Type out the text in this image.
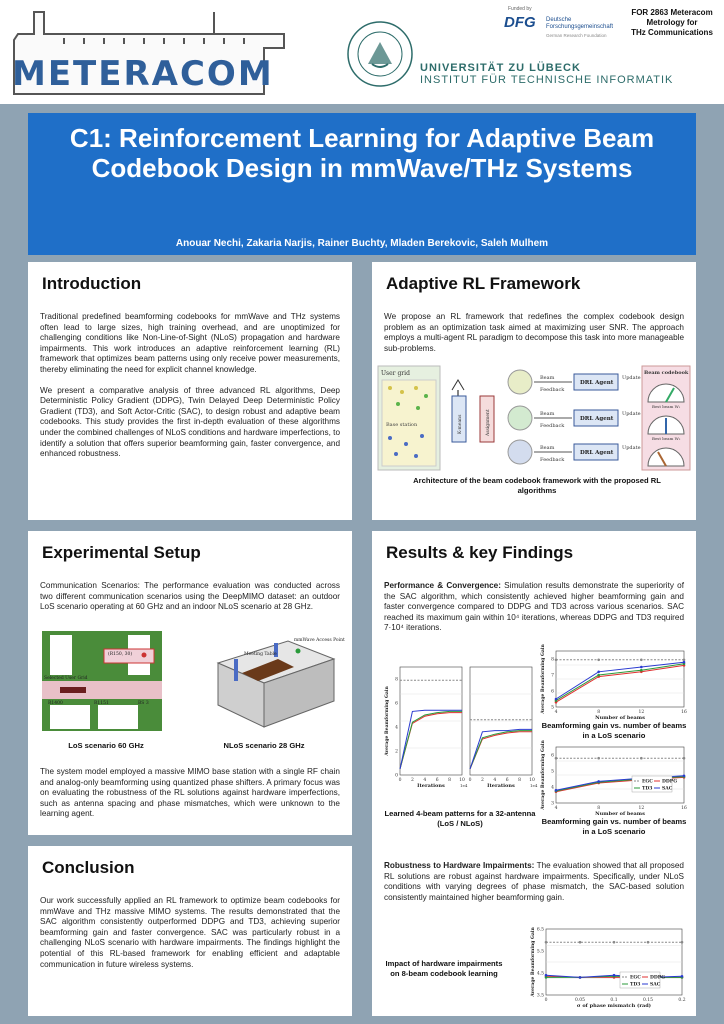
METERACOM	UNIVERSITÄT ZU LÜBECK
INSTITUT FÜR TECHNISCHE INFORMATIK
Funded by
DFG Deutsche
Forschungsgemeinschaft
German Research Foundation
FOR 2863 Meteracom
Metrology for
THz Communications
C1: Reinforcement Learning for Adaptive Beam Codebook Design in mmWave/THz Systems
Anouar Nechi, Zakaria Narjis, Rainer Buchty, Mladen Berekovic, Saleh Mulhem
Introduction
Traditional predefined beamforming codebooks for mmWave and THz systems often lead to large sizes, high training overhead, and are unoptimized for challenging conditions like Non-Line-of-Sight (NLoS) propagation and hardware impairments. This work introduces an adaptive reinforcement learning (RL) framework that optimizes beam patterns using only receive power measurements, thereby eliminating the need for explicit channel knowledge.
We present a comparative analysis of three advanced RL algorithms, Deep Deterministic Policy Gradient (DDPG), Twin Delayed Deep Deterministic Policy Gradient (TD3), and Soft Actor-Critic (SAC), to design robust and adaptive beam codebooks. This study provides the first in-depth evaluation of these algorithms under the combined challenges of NLoS conditions and hardware imperfections, to identify a solution that offers superior beamforming gain, faster convergence, and enhanced robustness.
Adaptive RL Framework
We propose an RL framework that redefines the complex codebook design problem as an optimization task aimed at maximizing user SNR. The approach employs a multi-agent RL paradigm to decompose this task into more manageable sub-problems.
User grid
Base station	K-means	Assignment
Beam
Feedback
Beam
Feedback
Beam
Feedback
DRL Agent
DRL Agent
DRL Agent
Update
Update
Update
Beam codebook
Best beam W₁
Best beam W₂
Architecture of the beam codebook framework with the proposed RL algorithms
Experimental Setup
Communication Scenarios: The performance evaluation was conducted across two different communication scenarios using the DeepMIMO dataset: an outdoor LoS scenario operating at 60 GHz and an indoor NLoS scenario at 28 GHz.
(R150, 30)
Selected User Grid
R1400	R1151	BS 3
LoS scenario 60 GHz
mmWave Access Point
Meeting Table
NLoS scenario 28 GHz
The system model employed a massive MIMO base station with a single RF chain and analog-only beamforming using quantized phase shifters. A primary focus was on evaluating the robustness of the RL solutions against hardware imperfections, such as antenna spacing and phase mismatches, which were unknown to the learning agent.
Conclusion
Our work successfully applied an RL framework to optimize beam codebooks for mmWave and THz massive MIMO systems. The results demonstrated that the SAC algorithm consistently outperformed DDPG and TD3, achieving superior beamforming gain and faster convergence. SAC was particularly robust in a challenging NLoS scenario with hardware impairments. The findings highlight the potential of this RL-based framework for enabling efficient and adaptable communication in future wireless systems.
Results & key Findings
Performance & Convergence: Simulation results demonstrate the superiority of the SAC algorithm, which consistently achieved higher beamforming gain and faster convergence compared to DDPG and TD3 across various scenarios. SAC reached its maximum gain within 10⁴ iterations, whereas DDPG and TD3 required 7·10⁴ iterations.
0 2 4 6 8 10
0
2
4
6
8
Iterations
Average Beamforming Gain
0 2 4 6 8 10
Iterations
1e4	1e4
Learned 4-beam patterns for a 32-antenna (LoS / NLoS)
4	8	12	16
5
6
7
8
Number of beams
Average Beamforming Gain
Beamforming gain vs. number of beams in a LoS scenario
4	8	12	16
3
4
5
6
Number of beams
Average Beamforming Gain	EGC DDPG
TD3 SAC
Beamforming gain vs. number of beams in a LoS scenario
Robustness to Hardware Impairments: The evaluation showed that all proposed RL solutions are robust against hardware impairments. Specifically, under NLoS conditions with varying degrees of phase mismatch, the SAC-based solution consistently maintained higher beamforming gain.
Impact of hardware impairments on 8-beam codebook learning
0	0.05	0.1	0.15	0.2
3.5
4.5
5.5
6.5
σ of phase mismatch (rad)
Average Beamforming Gain	EGC DDPG
TD3 SAC
